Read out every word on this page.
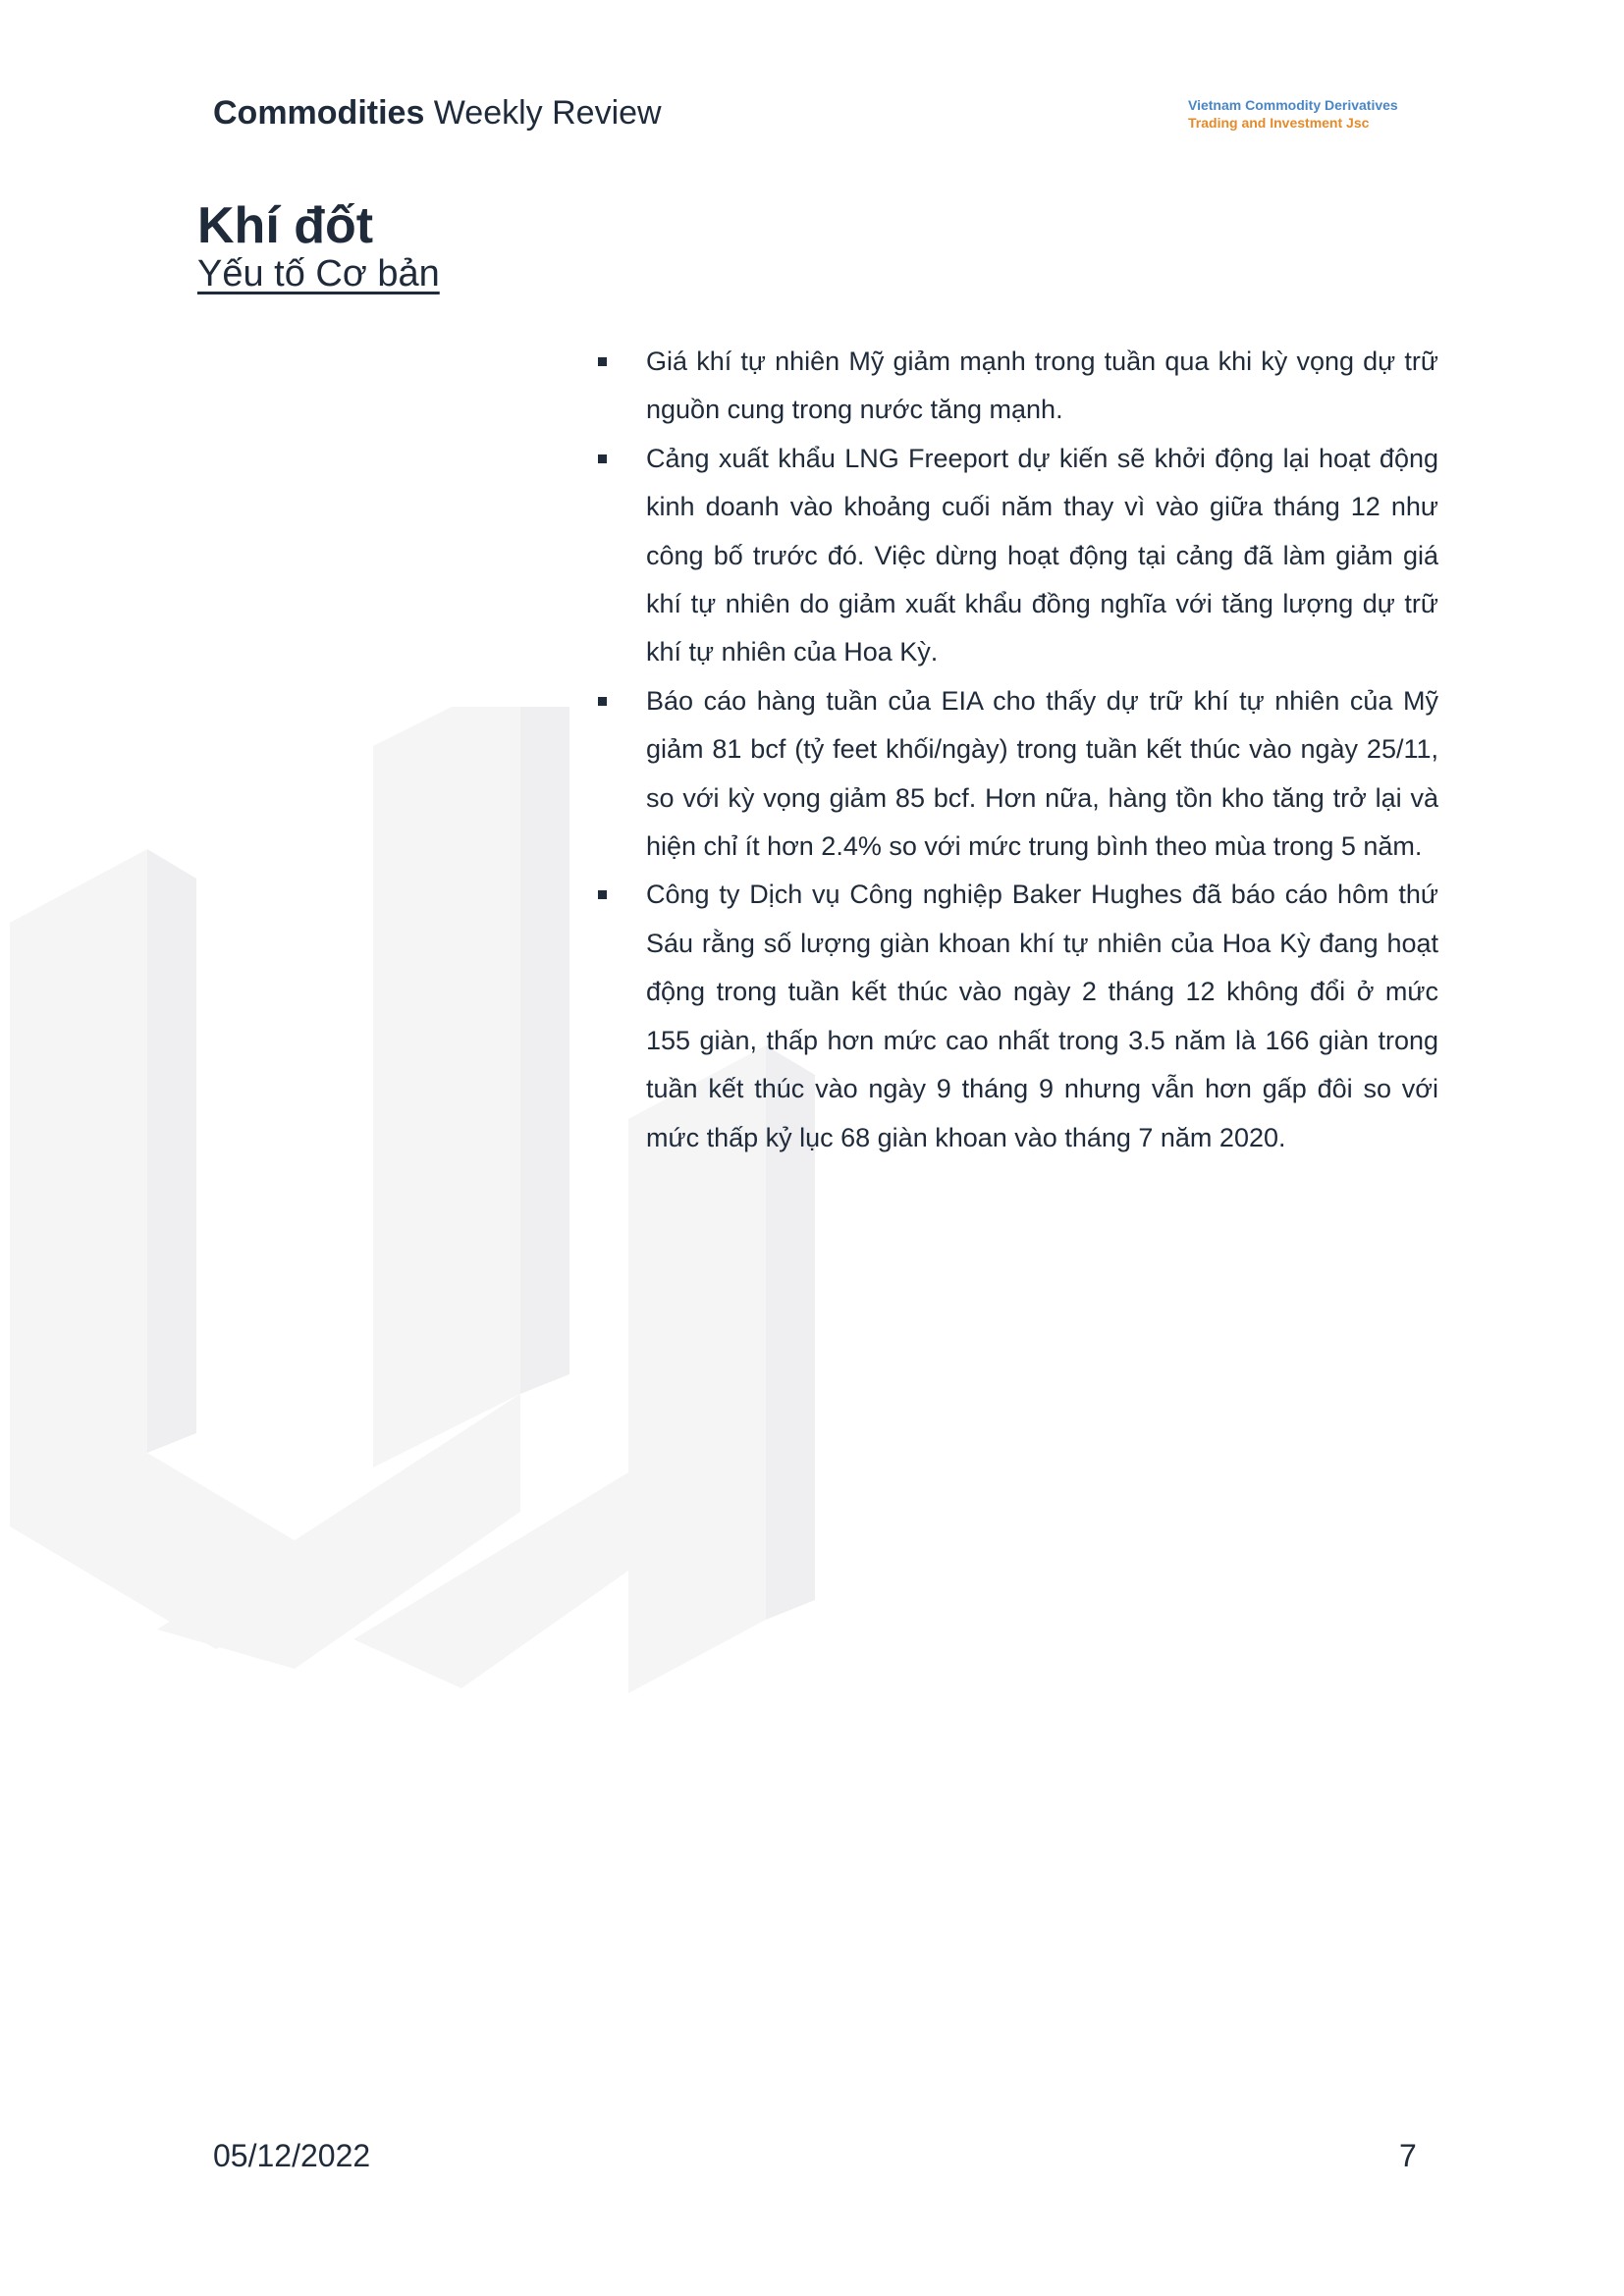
Commodities Weekly Review	Vietnam Commodity Derivatives
Trading and Investment Jsc
Khí đốt
Yếu tố Cơ bản
Giá khí tự nhiên Mỹ giảm mạnh trong tuần qua khi kỳ vọng dự trữ nguồn cung trong nước tăng mạnh.
Cảng xuất khẩu LNG Freeport dự kiến sẽ khởi động lại hoạt động kinh doanh vào khoảng cuối năm thay vì vào giữa tháng 12 như công bố trước đó. Việc dừng hoạt động tại cảng đã làm giảm giá khí tự nhiên do giảm xuất khẩu đồng nghĩa với tăng lượng dự trữ khí tự nhiên của Hoa Kỳ.
Báo cáo hàng tuần của EIA cho thấy dự trữ khí tự nhiên của Mỹ giảm 81 bcf (tỷ feet khối/ngày) trong tuần kết thúc vào ngày 25/11, so với kỳ vọng giảm 85 bcf. Hơn nữa, hàng tồn kho tăng trở lại và hiện chỉ ít hơn 2.4% so với mức trung bình theo mùa trong 5 năm.
Công ty Dịch vụ Công nghiệp Baker Hughes đã báo cáo hôm thứ Sáu rằng số lượng giàn khoan khí tự nhiên của Hoa Kỳ đang hoạt động trong tuần kết thúc vào ngày 2 tháng 12 không đổi ở mức 155 giàn, thấp hơn mức cao nhất trong 3.5 năm là 166 giàn trong tuần kết thúc vào ngày 9 tháng 9 nhưng vẫn hơn gấp đôi so với mức thấp kỷ lục 68 giàn khoan vào tháng 7 năm 2020.
05/12/2022	7
